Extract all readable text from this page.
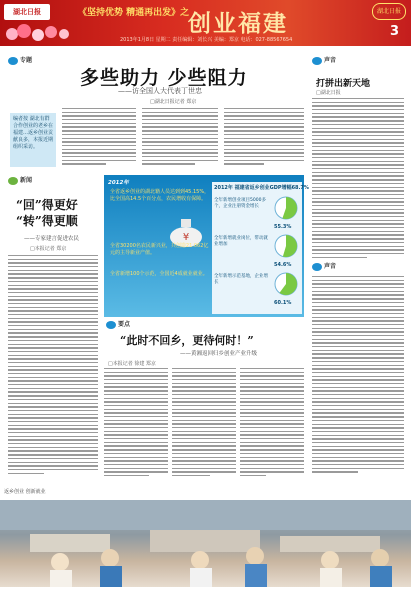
湖北日报	《坚持优势 精通再出发》之
创业福建	湖北日报
3
2013年1月8日 星期二 责任编辑：刘长兴 美编：郑京 电话：027-88567654
专题
多些助力 少些阻力
——访全国人大代表丁世忠
□湖北日报记者 郑京
声音
打拼出新天地
□湖北日报
编者按 湖北有群合作创业的老乡在福建…返乡创业贡献良多，本报近期组织采访。
声音
新闻
“回”得更好
“转”得更顺
——专家建言促进农民
□本报记者 郑京
2012年
全省返乡创业的湖北籍人员达到到45.15%，比全国高14.5个百分点，农民增收有保障。
¥
全省30200名农民新兴业，共创造21.062亿元的主导新业产值。
全省新增100个示范，全国近4成就业就业。
2012年 福建省返乡创业GDP增幅68.7%
全年新增创业项目5000多个，企业注册资金增长
全年新增就业岗位，带动就业增加
全年新增示范基地，企业增长
55.3%
54.6%
60.1%
要点
“此时不回乡，更待何时！”
——黄湘返回归乡创业产业升级
□本报记者 徐建 郑京
返乡创业 创新就业
